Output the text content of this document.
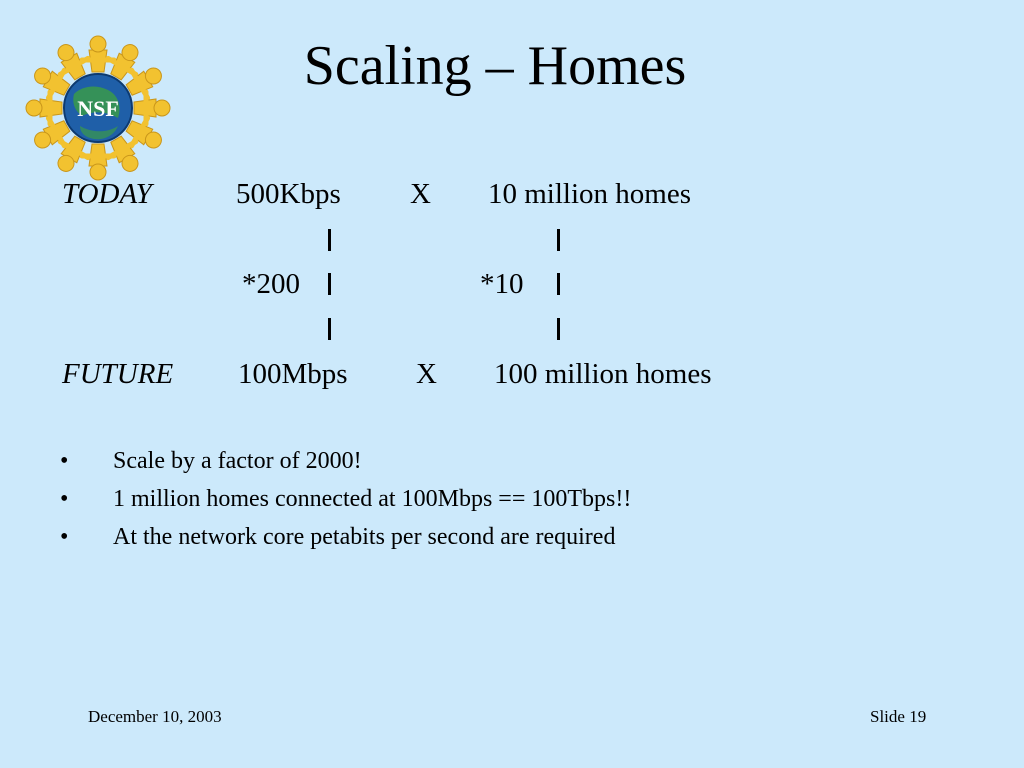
NSF
Scaling – Homes
TODAY	500Kbps X 10 million homes
*200	*10
FUTURE 100Mbps X 100 million homes
•	Scale by a factor of 2000!
•	1 million homes connected at 100Mbps == 100Tbps!!
•	At the network core petabits per second are required
December 10, 2003	Slide 19
